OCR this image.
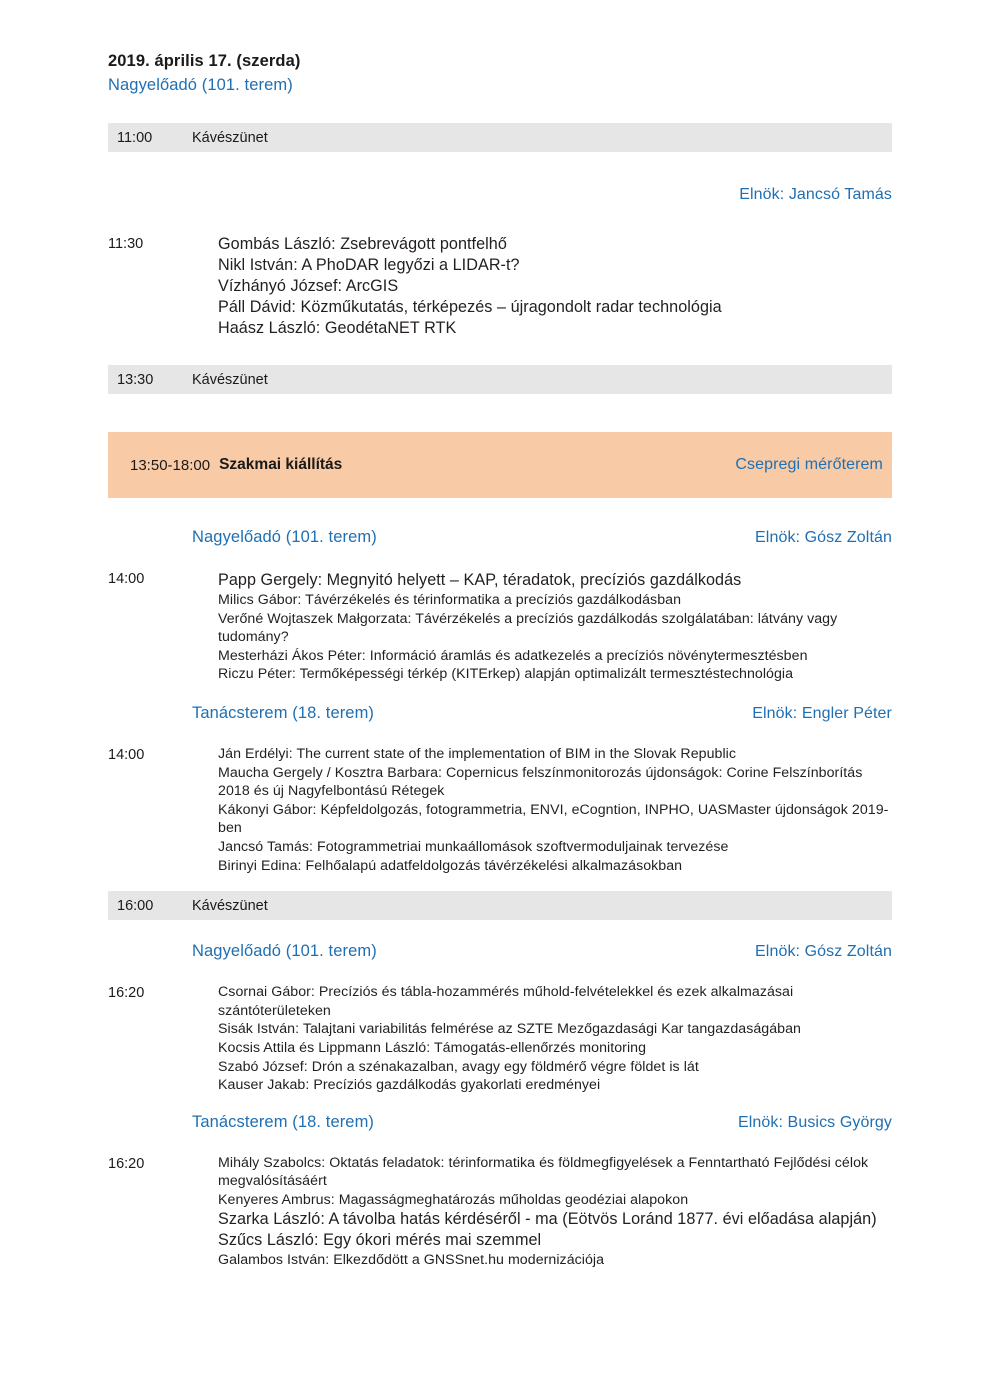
2019. április 17. (szerda)
Nagyelőadó (101. terem)
11:00	Kávészünet
Elnök: Jancsó Tamás
11:30	Gombás László: Zsebrevágott pontfelhő
Nikl István: A PhoDAR legyőzi a LIDAR-t?
Vízhányó József: ArcGIS
Páll Dávid: Közműkutatás, térképezés – újragondolt radar technológia
Haász László: GeodétaNET RTK
13:30	Kávészünet
13:50-18:00 Szakmai kiállítás	Csepregi mérőterem
Nagyelőadó (101. terem)	Elnök: Gósz Zoltán
14:00	Papp Gergely: Megnyitó helyett – KAP, téradatok, precíziós gazdálkodás
Milics Gábor: Távérzékelés és térinformatika a precíziós gazdálkodásban
Verőné Wojtaszek Małgorzata: Távérzékelés a precíziós gazdálkodás szolgálatában: látvány vagy tudomány?
Mesterházi Ákos Péter: Információ áramlás és adatkezelés a precíziós növénytermesztésben
Riczu Péter: Termőképességi térkép (KITErkep) alapján optimalizált termesztéstechnológia
Tanácsterem (18. terem)	Elnök: Engler Péter
14:00	Ján Erdélyi: The current state of the implementation of BIM in the Slovak Republic
Maucha Gergely / Kosztra Barbara: Copernicus felszínmonitorozás újdonságok: Corine Felszínborítás 2018 és új Nagyfelbontású Rétegek
Kákonyi Gábor: Képfeldolgozás, fotogrammetria, ENVI, eCogntion, INPHO, UASMaster újdonságok 2019-ben
Jancsó Tamás: Fotogrammetriai munkaállomások szoftvermoduljainak tervezése
Birinyi Edina: Felhőalapú adatfeldolgozás távérzékelési alkalmazásokban
16:00	Kávészünet
Nagyelőadó (101. terem)	Elnök: Gósz Zoltán
16:20	Csornai Gábor: Precíziós és tábla-hozammérés műhold-felvételekkel és ezek alkalmazásai szántóterületeken
Sisák István: Talajtani variabilitás felmérése az SZTE Mezőgazdasági Kar tangazdaságában
Kocsis Attila és Lippmann László: Támogatás-ellenőrzés monitoring
Szabó József: Drón a szénakazalban, avagy egy földmérő végre földet is lát
Kauser Jakab: Precíziós gazdálkodás gyakorlati eredményei
Tanácsterem (18. terem)	Elnök: Busics György
16:20	Mihály Szabolcs: Oktatás feladatok: térinformatika és földmegfigyelések a Fenntartható Fejlődési célok megvalósításáért
Kenyeres Ambrus: Magasságmeghatározás műholdas geodéziai alapokon
Szarka László: A távolba hatás kérdéséről - ma (Eötvös Loránd 1877. évi előadása alapján)
Szűcs László: Egy ókori mérés mai szemmel
Galambos István: Elkezdődött a GNSSnet.hu modernizációja
